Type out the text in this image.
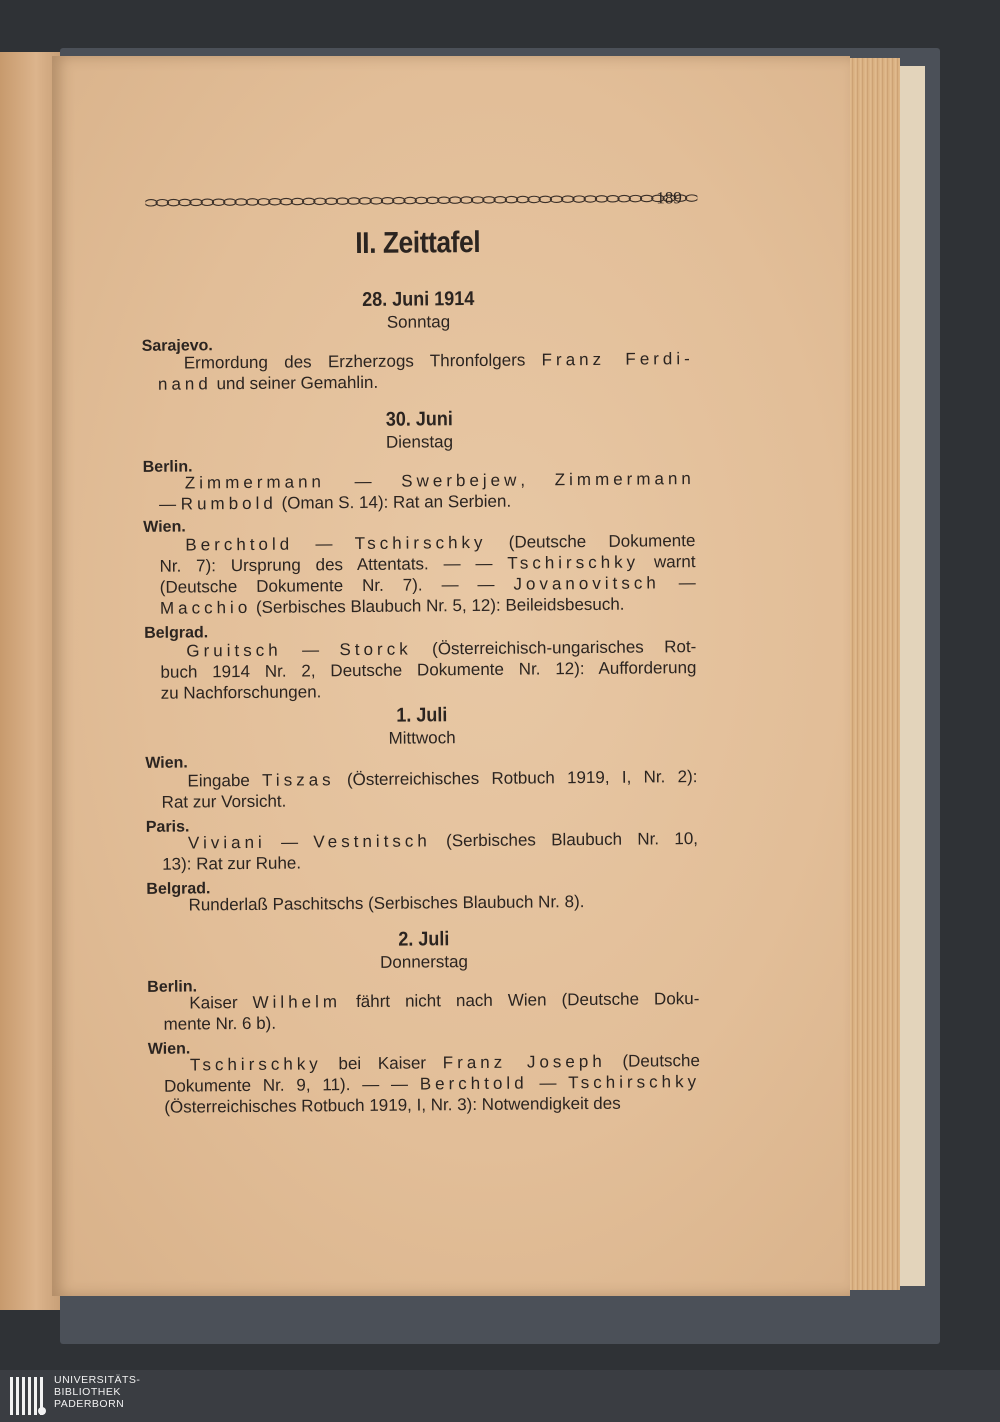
189
II. Zeittafel
28. Juni 1914
Sonntag
Sarajevo.
Ermordung des Erzherzogs Thronfolgers Franz Ferdi-
nand und seiner Gemahlin.
30. Juni
Dienstag
Berlin.
Zimmermann — Swerbejew, Zimmermann
— Rumbold (Oman S. 14): Rat an Serbien.
Wien.
Berchtold — Tschirschky (Deutsche Dokumente
Nr. 7): Ursprung des Attentats. — — Tschirschky warnt
(Deutsche Dokumente Nr. 7). — — Jovanovitsch —
Macchio (Serbisches Blaubuch Nr. 5, 12): Beileidsbesuch.
Belgrad.
Gruitsch — Storck (Österreichisch-ungarisches Rot-
buch 1914 Nr. 2, Deutsche Dokumente Nr. 12): Aufforderung
zu Nachforschungen.
1. Juli
Mittwoch
Wien.
Eingabe Tiszas (Österreichisches Rotbuch 1919, I, Nr. 2):
Rat zur Vorsicht.
Paris.
Viviani — Vestnitsch (Serbisches Blaubuch Nr. 10,
13): Rat zur Ruhe.
Belgrad.
Runderlaß Paschitschs (Serbisches Blaubuch Nr. 8).
2. Juli
Donnerstag
Berlin.
Kaiser Wilhelm fährt nicht nach Wien (Deutsche Doku-
mente Nr. 6 b).
Wien.
Tschirschky bei Kaiser Franz Joseph (Deutsche
Dokumente Nr. 9, 11). — — Berchtold — Tschirschky
(Österreichisches Rotbuch 1919, I, Nr. 3): Notwendigkeit des
UNIVERSITÄTS-
BIBLIOTHEK
PADERBORN
